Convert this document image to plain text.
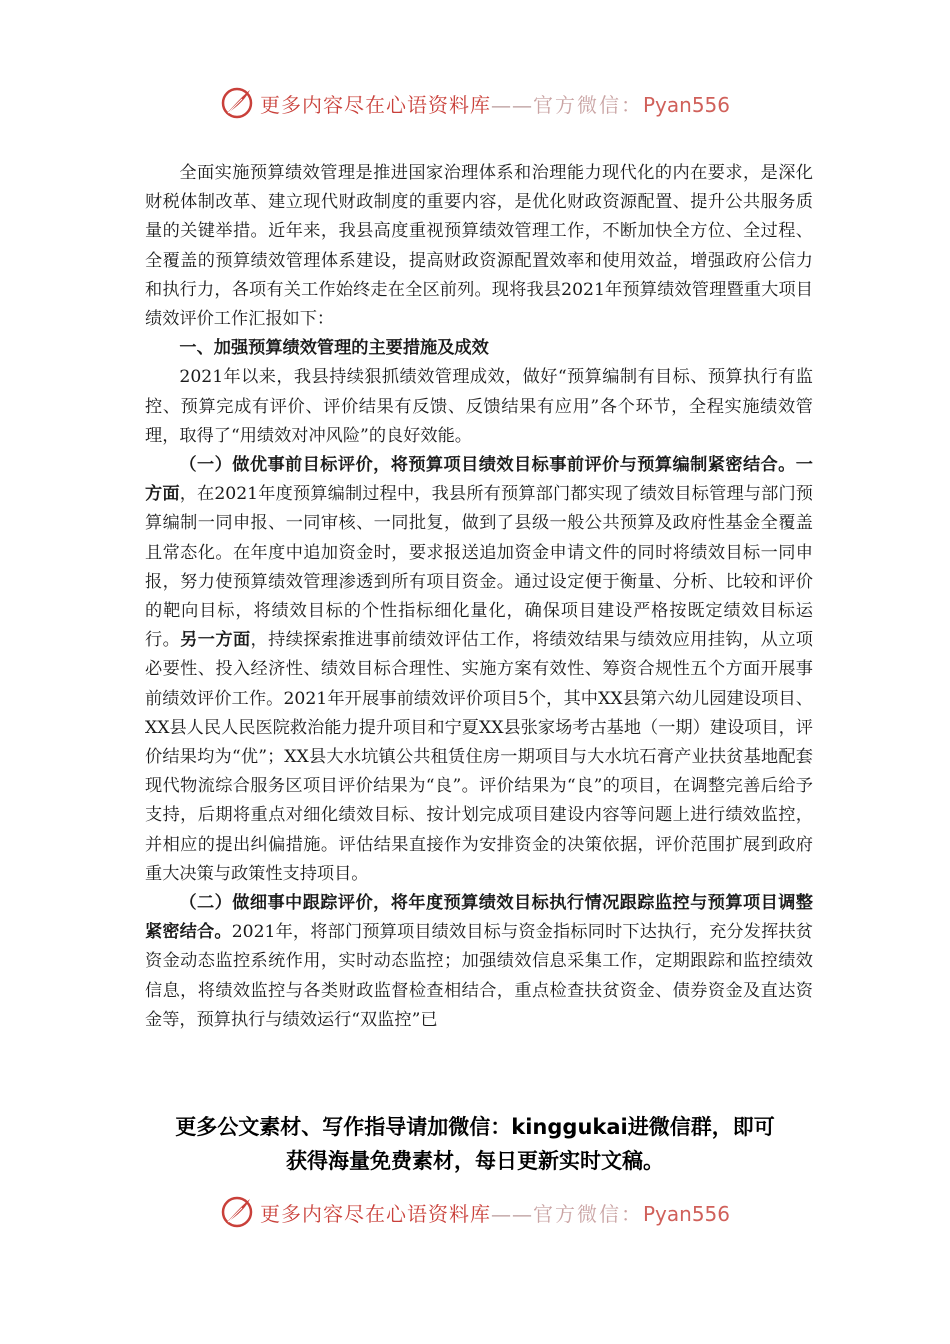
更多内容尽在心语资料库——官方微信：Pyan556

全面实施预算绩效管理是推进国家治理体系和治理能力现代化的内在要求，是深化财税体制改革、建立现代财政制度的重要内容，是优化财政资源配置、提升公共服务质量的关键举措。近年来，我县高度重视预算绩效管理工作，不断加快全方位、全过程、全覆盖的预算绩效管理体系建设，提高财政资源配置效率和使用效益，增强政府公信力和执行力，各项有关工作始终走在全区前列。现将我县2021年预算绩效管理暨重大项目绩效评价工作汇报如下：

一、加强预算绩效管理的主要措施及成效

2021年以来，我县持续狠抓绩效管理成效，做好“预算编制有目标、预算执行有监控、预算完成有评价、评价结果有反馈、反馈结果有应用”各个环节，全程实施绩效管理，取得了“用绩效对冲风险”的良好效能。

（一）做优事前目标评价，将预算项目绩效目标事前评价与预算编制紧密结合。一方面，在2021年度预算编制过程中，我县所有预算部门都实现了绩效目标管理与部门预算编制一同申报、一同审核、一同批复，做到了县级一般公共预算及政府性基金全覆盖且常态化。在年度中追加资金时，要求报送追加资金申请文件的同时将绩效目标一同申报，努力使预算绩效管理渗透到所有项目资金。通过设定便于衡量、分析、比较和评价的靶向目标，将绩效目标的个性指标细化量化，确保项目建设严格按既定绩效目标运行。另一方面，持续探索推进事前绩效评估工作，将绩效结果与绩效应用挂钩，从立项必要性、投入经济性、绩效目标合理性、实施方案有效性、筹资合规性五个方面开展事前绩效评价工作。2021年开展事前绩效评价项目5个，其中XX县第六幼儿园建设项目、XX县人民人民医院救治能力提升项目和宁夏XX县张家场考古基地（一期）建设项目，评价结果均为“优”；XX县大水坑镇公共租赁住房一期项目与大水坑石膏产业扶贫基地配套现代物流综合服务区项目评价结果为“良”。评价结果为“良”的项目，在调整完善后给予支持，后期将重点对细化绩效目标、按计划完成项目建设内容等问题上进行绩效监控，并相应的提出纠偏措施。评估结果直接作为安排资金的决策依据，评价范围扩展到政府重大决策与政策性支持项目。

（二）做细事中跟踪评价，将年度预算绩效目标执行情况跟踪监控与预算项目调整紧密结合。2021年，将部门预算项目绩效目标与资金指标同时下达执行，充分发挥扶贫资金动态监控系统作用，实时动态监控；加强绩效信息采集工作，定期跟踪和监控绩效信息，将绩效监控与各类财政监督检查相结合，重点检查扶贫资金、债券资金及直达资金等，预算执行与绩效运行“双监控”已

更多公文素材、写作指导请加微信：kinggukai进微信群，即可
获得海量免费素材，每日更新实时文稿。
更多内容尽在心语资料库——官方微信：Pyan556
